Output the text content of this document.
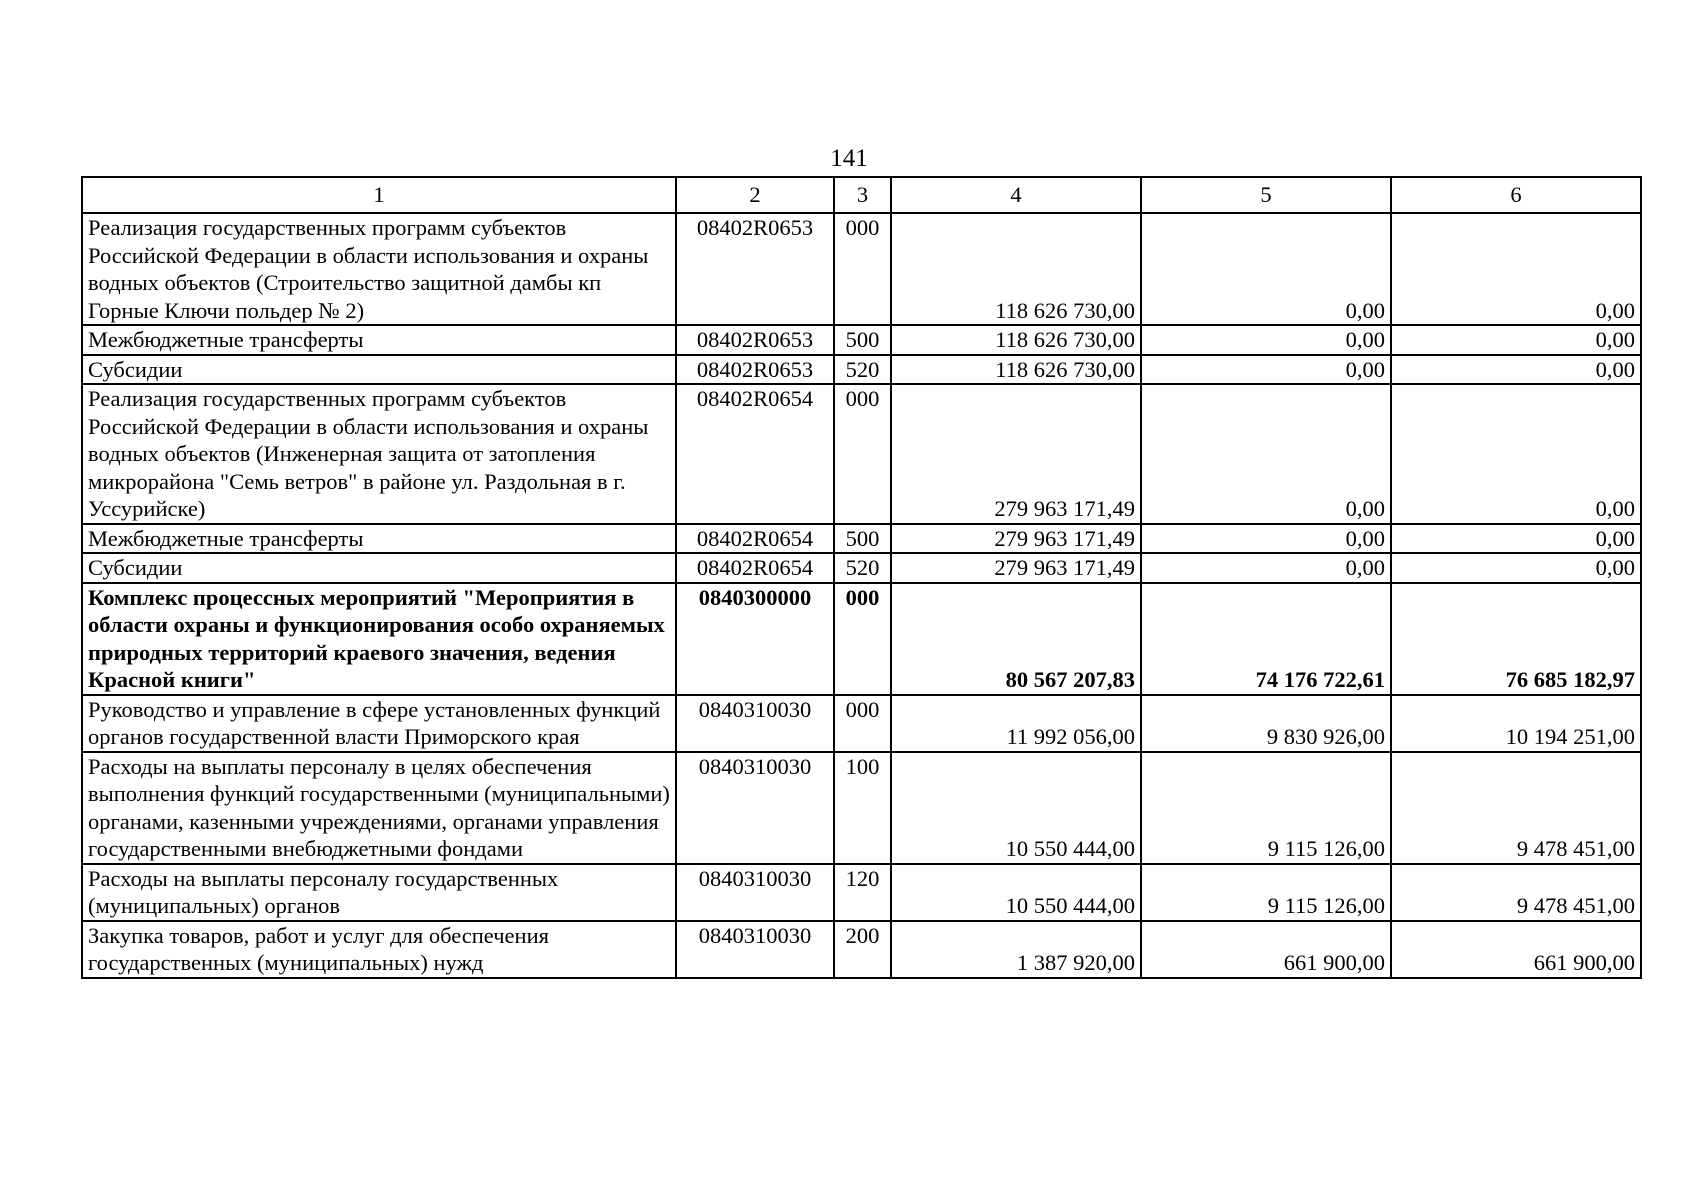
141
1	2	3	4	5	6
Реализация государственных программ субъектов Российской Федерации в области использования и охраны водных объектов (Строительство защитной дамбы кп Горные Ключи польдер № 2)	08402R0653	000	118 626 730,00	0,00	0,00
Межбюджетные трансферты	08402R0653	500	118 626 730,00	0,00	0,00
Субсидии	08402R0653	520	118 626 730,00	0,00	0,00
Реализация государственных программ субъектов Российской Федерации в области использования и охраны водных объектов (Инженерная защита от затопления микрорайона "Семь ветров" в районе ул. Раздольная в г. Уссурийске)	08402R0654	000	279 963 171,49	0,00	0,00
Межбюджетные трансферты	08402R0654	500	279 963 171,49	0,00	0,00
Субсидии	08402R0654	520	279 963 171,49	0,00	0,00
Комплекс процессных мероприятий "Мероприятия в области охраны и функционирования особо охраняемых природных территорий краевого значения, ведения Красной книги"	0840300000	000	80 567 207,83	74 176 722,61	76 685 182,97
Руководство и управление в сфере установленных функций органов государственной власти Приморского края	0840310030	000	11 992 056,00	9 830 926,00	10 194 251,00
Расходы на выплаты персоналу в целях обеспечения выполнения функций государственными (муниципальными) органами, казенными учреждениями, органами управления государственными внебюджетными фондами	0840310030	100	10 550 444,00	9 115 126,00	9 478 451,00
Расходы на выплаты персоналу государственных (муниципальных) органов	0840310030	120	10 550 444,00	9 115 126,00	9 478 451,00
Закупка товаров, работ и услуг для обеспечения государственных (муниципальных) нужд	0840310030	200	1 387 920,00	661 900,00	661 900,00
